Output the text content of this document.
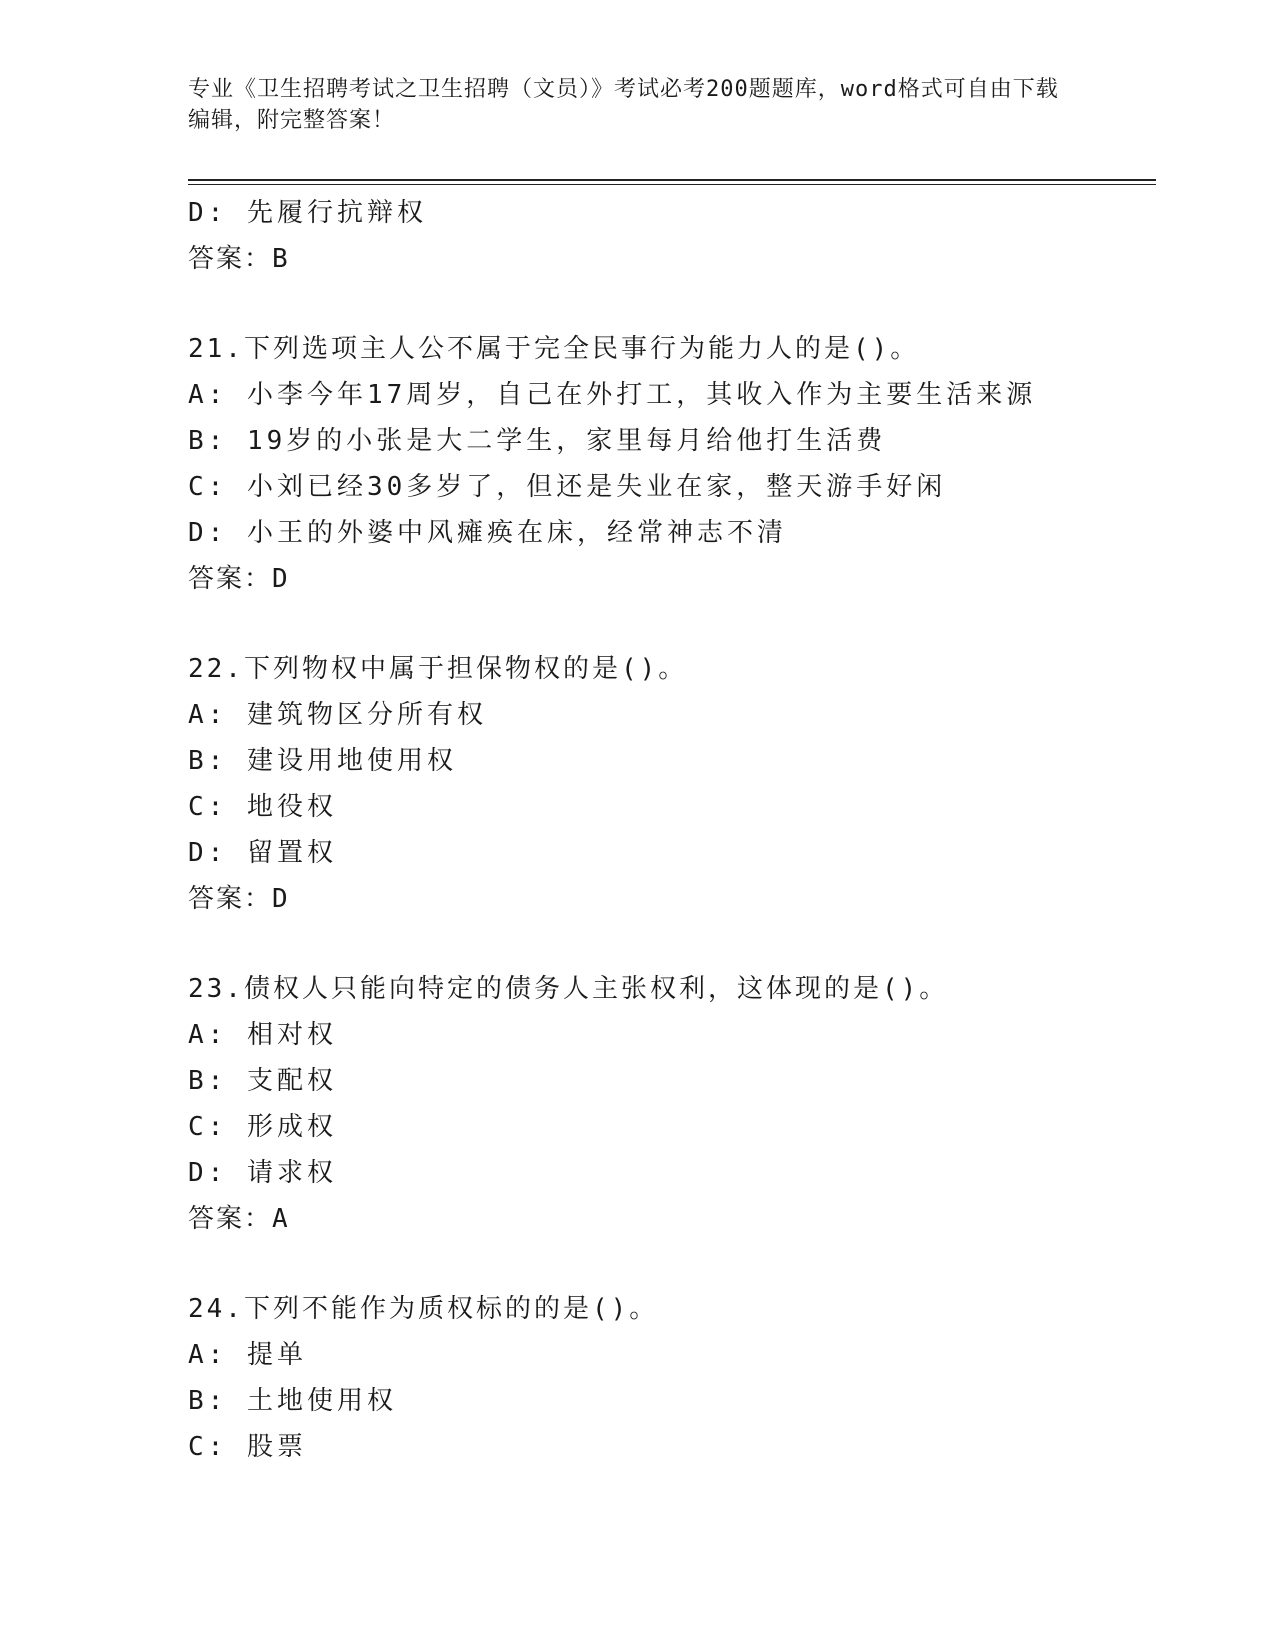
专业《卫生招聘考试之卫生招聘（文员）》考试必考200题题库，word格式可自由下载编辑，附完整答案！
D: 先履行抗辩权
答案：B
21.下列选项主人公不属于完全民事行为能力人的是()。
A: 小李今年17周岁，自己在外打工，其收入作为主要生活来源
B: 19岁的小张是大二学生，家里每月给他打生活费
C: 小刘已经30多岁了，但还是失业在家，整天游手好闲
D: 小王的外婆中风瘫痪在床，经常神志不清
答案：D
22.下列物权中属于担保物权的是()。
A: 建筑物区分所有权
B: 建设用地使用权
C: 地役权
D: 留置权
答案：D
23.债权人只能向特定的债务人主张权利，这体现的是()。
A: 相对权
B: 支配权
C: 形成权
D: 请求权
答案：A
24.下列不能作为质权标的的是()。
A: 提单
B: 土地使用权
C: 股票
